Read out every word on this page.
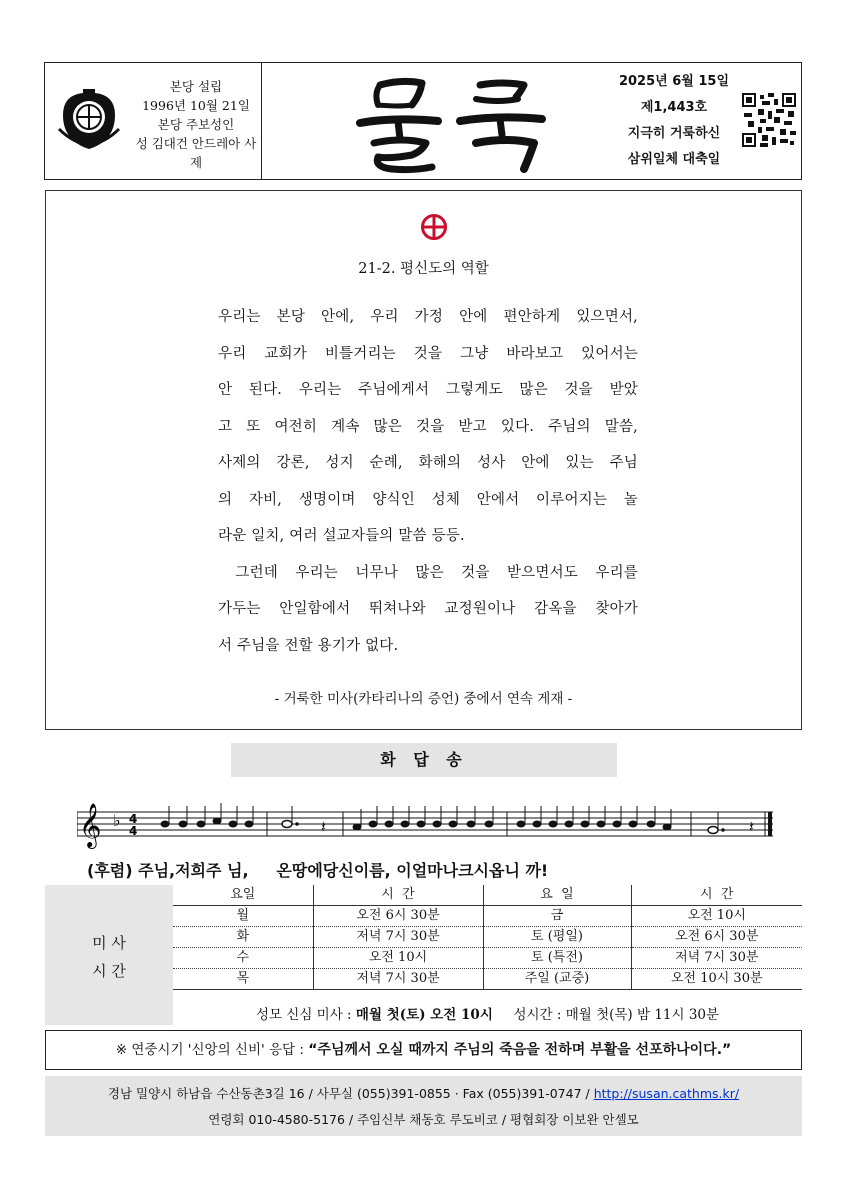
본당 설립
1996년 10월 21일
본당 주보성인
성 김대건 안드레아 사제
물 둑
2025년 6월 15일
제1,443호
지극히 거룩하신
삼위일체 대축일
21-2. 평신도의 역할
우리는 본당 안에, 우리 가정 안에 편안하게 있으면서,
우리 교회가 비틀거리는 것을 그냥 바라보고 있어서는
안 된다. 우리는 주님에게서 그렇게도 많은 것을 받았
고 또 여전히 계속 많은 것을 받고 있다. 주님의 말씀,
사제의 강론, 성지 순례, 화해의 성사 안에 있는 주님
의 자비, 생명이며 양식인 성체 안에서 이루어지는 놀
라운 일치, 여러 설교자들의 말씀 등등.
그런데 우리는 너무나 많은 것을 받으면서도 우리를
가두는 안일함에서 뛰쳐나와 교정원이나 감옥을 찾아가
서 주님을 전할 용기가 없다.
- 거룩한 미사(카타리나의 증언) 중에서 연속 게재 -
화 답 송
𝄞 ♭ 4
4	𝄽	𝄽
(후렴) 주님,저희주 님,     온땅에당신이름, 이얼마나크시옵니 까!
미 사
시 간
요일	시  간	요  일	시  간
월	오전 6시 30분	금	오전 10시
화	저녁 7시 30분	토 (평일)	오전 6시 30분
수	오전 10시	토 (특전)	저녁 7시 30분
목	저녁 7시 30분	주일 (교중)	오전 10시 30분
성모 신심 미사 : 매월 첫(토) 오전 10시 성시간 : 매월 첫(목) 밤 11시 30분
※ 연중시기 '신앙의 신비' 응답 : “주님께서 오실 때까지 주님의 죽음을 전하며 부활을 선포하나이다.”
경남 밀양시 하남읍 수산동촌3길 16 / 사무실 (055)391-0855 · Fax (055)391-0747 / http://susan.cathms.kr/
연령회 010-4580-5176 / 주임신부 채동호 루도비코 / 평협회장 이보완 안셀모
